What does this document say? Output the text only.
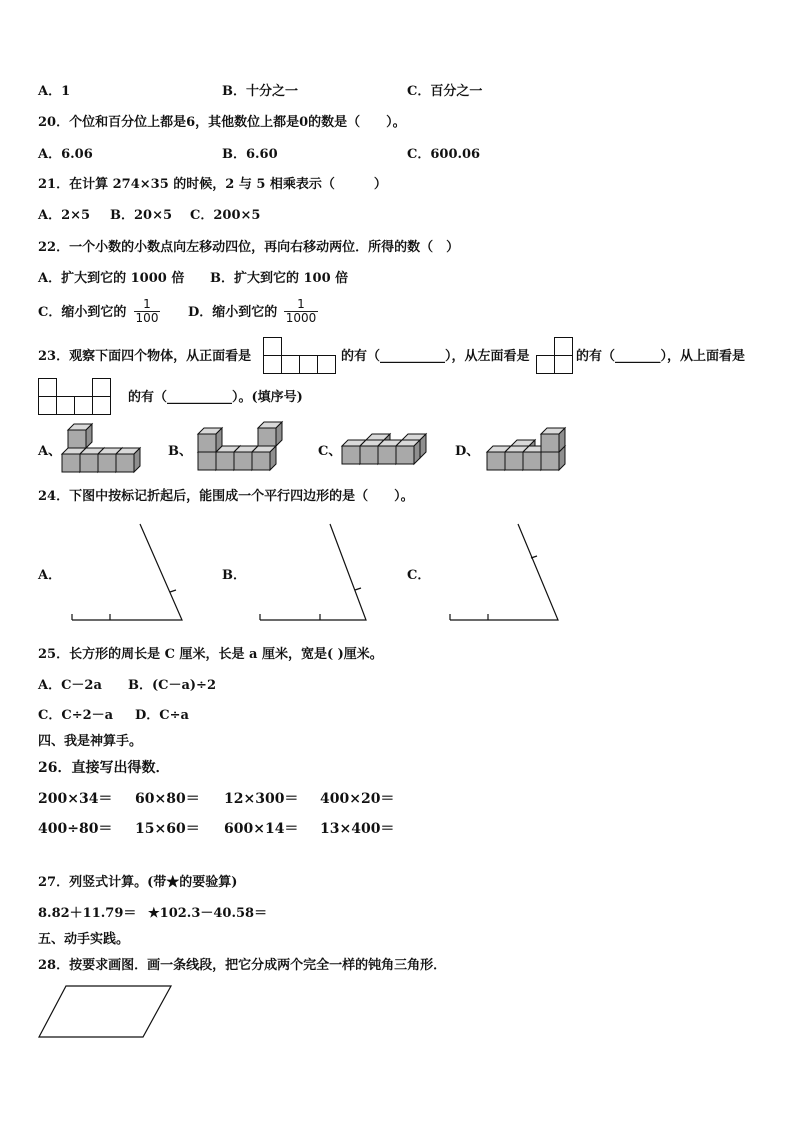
A．1	B．十分之一	C．百分之一
20．个位和百分位上都是6，其他数位上都是0的数是（　　）。
A．6.06	B．6.60	C．600.06
21．在计算 274×35 的时候，2 与 5 相乘表示（　　　）
A．2×5 B．20×5 C．200×5
22．一个小数的小数点向左移动四位，再向右移动两位．所得的数（　）
A．扩大到它的 1000 倍 B．扩大到它的 100 倍
C．缩小到它的 $\frac{1}{100}$ D．缩小到它的 $\frac{1}{1000}$
23．观察下面四个物体，从正面看是	的有（__________），从左面看是	的有（_______），从上面看是
的有（__________）。(填序号)
A、	B、	C、	D、
24．下图中按标记折起后，能围成一个平行四边形的是（　　）。
A．	B．	C．
25．长方形的周长是 C 厘米，长是 a 厘米，宽是( )厘米。
A．C－2a B．(C－a)÷2
C．C÷2－a D．C÷a
四、我是神算手。
26．直接写出得数．
200×34＝ 60×80＝ 12×300＝ 400×20＝
400÷80＝ 15×60＝ 600×14＝ 13×400＝
27．列竖式计算。(带★的要验算)
8.82＋11.79＝ ★102.3－40.58＝
五、动手实践。
28．按要求画图．画一条线段，把它分成两个完全一样的钝角三角形．
